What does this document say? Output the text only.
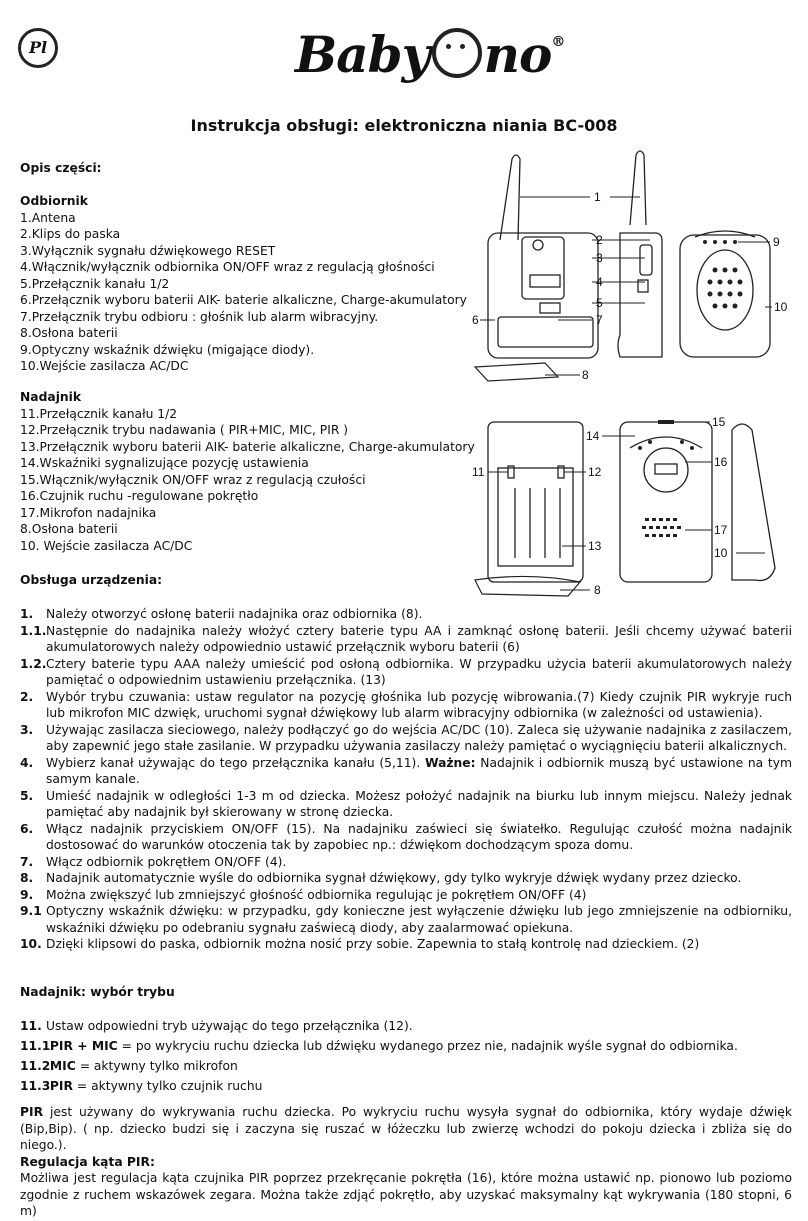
Pl	Baby no®
Instrukcja obsługi: elektroniczna niania BC-008
Opis części:
Odbiornik
1.Antena
2.Klips do paska
3.Wyłącznik sygnału dźwiękowego RESET
4.Włącznik/wyłącznik odbiornika ON/OFF wraz z regulacją głośności
5.Przełącznik kanału 1/2
6.Przełącznik wyboru baterii AIK- baterie alkaliczne, Charge-akumulatory
7.Przełącznik trybu odbioru : głośnik lub alarm wibracyjny.
8.Osłona baterii
9.Optyczny wskaźnik dźwięku (migające diody).
10.Wejście zasilacza AC/DC
Nadajnik
11.Przełącznik kanału 1/2
12.Przełącznik trybu nadawania ( PIR+MIC, MIC, PIR )
13.Przełącznik wyboru baterii AIK- baterie alkaliczne, Charge-akumulatory
14.Wskaźniki sygnalizujące pozycję ustawienia
15.Włącznik/wyłącznik ON/OFF wraz z regulacją czułości
16.Czujnik ruchu -regulowane pokrętło
17.Mikrofon nadajnika
8.Osłona baterii
10. Wejście zasilacza AC/DC
1
2
3
4
5
6	7
8
9
10
15
14
16
11	12
17
13	10
8
Obsługa urządzenia:
1.	Należy otworzyć osłonę baterii nadajnika oraz odbiornika (8).
1.1. Następnie do nadajnika należy włożyć cztery baterie typu AA i zamknąć osłonę baterii. Jeśli chcemy używać baterii akumulatorowych należy odpowiednio ustawić przełącznik wyboru baterii (6)
1.2. Cztery baterie typu AAA należy umieścić pod osłoną odbiornika. W przypadku użycia baterii akumulatorowych należy pamiętać o odpowiednim ustawieniu przełącznika. (13)
2.	Wybór trybu czuwania: ustaw regulator na pozycję głośnika lub pozycję wibrowania.(7) Kiedy czujnik PIR wykryje ruch lub mikrofon MIC dzwięk, uruchomi sygnał dźwiękowy lub alarm wibracyjny odbiornika (w zależności od ustawienia).
3.	Używając zasilacza sieciowego, należy podłączyć go do wejścia AC/DC (10). Zaleca się używanie nadajnika z zasilaczem, aby zapewnić jego stałe zasilanie. W przypadku używania zasilaczy należy pamiętać o wyciągnięciu baterii alkalicznych.
4.	Wybierz kanał używając do tego przełącznika kanału (5,11). Ważne: Nadajnik i odbiornik muszą być ustawione na tym samym kanale.
5.	Umieść nadajnik w odległości 1-3 m od dziecka. Możesz położyć nadajnik na biurku lub innym miejscu. Należy jednak pamiętać aby nadajnik był skierowany w stronę dziecka.
6.	Włącz nadajnik przyciskiem ON/OFF (15). Na nadajniku zaświeci się światełko. Regulując czułość można nadajnik dostosować do warunków otoczenia tak by zapobiec np.: dźwiękom dochodzącym spoza domu.
7.	Włącz odbiornik pokrętłem ON/OFF (4).
8.	Nadajnik automatycznie wyśle do odbiornika sygnał dźwiękowy, gdy tylko wykryje dźwięk wydany przez dziecko.
9.	Można zwiększyć lub zmniejszyć głośność odbiornika regulując je pokrętłem ON/OFF (4)
9.1 Optyczny wskaźnik dźwięku: w przypadku, gdy konieczne jest wyłączenie dźwięku lub jego zmniejszenie na odbiorniku, wskaźniki dźwięku po odebraniu sygnału zaświecą diody, aby zaalarmować opiekuna.
10. Dzięki klipsowi do paska, odbiornik można nosić przy sobie. Zapewnia to stałą kontrolę nad dzieckiem. (2)
Nadajnik: wybór trybu
11. Ustaw odpowiedni tryb używając do tego przełącznika (12).
11.1 PIR + MIC = po wykryciu ruchu dziecka lub dźwięku wydanego przez nie, nadajnik wyśle sygnał do odbiornika.
11.2 MIC = aktywny tylko mikrofon
11.3 PIR = aktywny tylko czujnik ruchu
PIR jest używany do wykrywania ruchu dziecka. Po wykryciu ruchu wysyła sygnał do odbiornika, który wydaje dźwięk (Bip,Bip). ( np. dziecko budzi się i zaczyna się ruszać w łóżeczku lub zwierzę wchodzi do pokoju dziecka i zbliża się do niego.).
Regulacja kąta PIR:
Możliwa jest regulacja kąta czujnika PIR poprzez przekręcanie pokrętła (16), które można ustawić np. pionowo lub poziomo zgodnie z ruchem wskazówek zegara. Można także zdjąć pokrętło, aby uzyskać maksymalny kąt wykrywania (180 stopni, 6 m)
